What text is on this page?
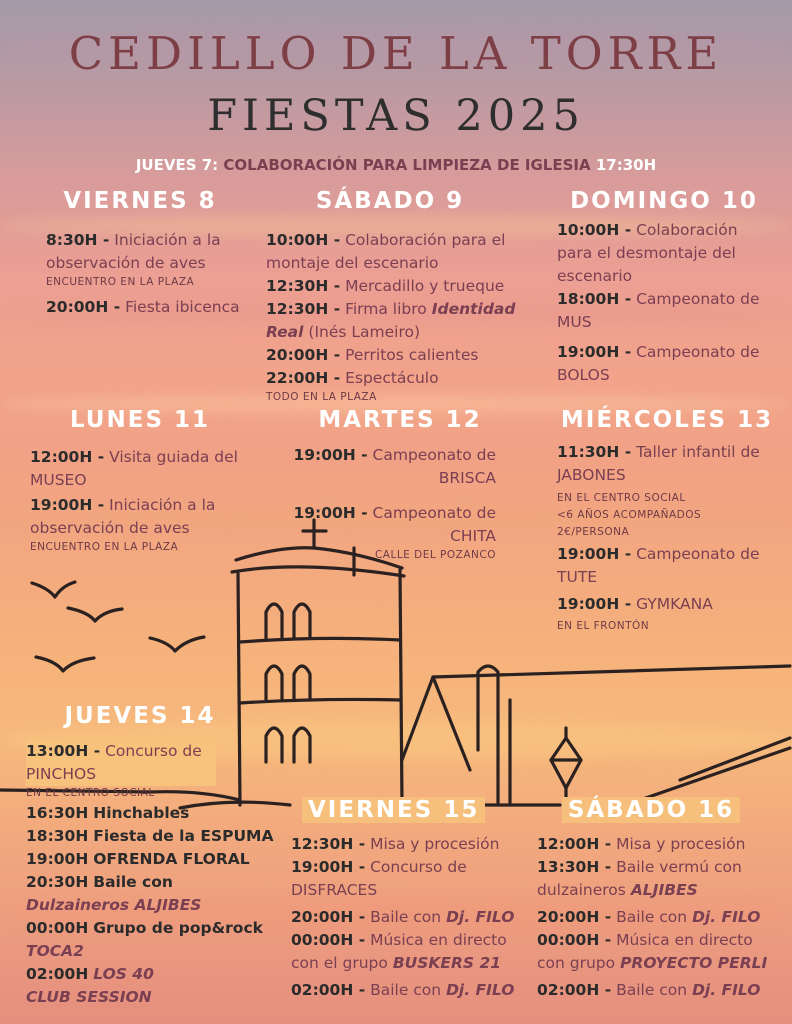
CEDILLO DE LA TORRE
FIESTAS 2025
JUEVES 7: COLABORACIÓN PARA LIMPIEZA DE IGLESIA 17:30H
VIERNES 8
8:30H - Iniciación a la observación de aves
ENCUENTRO EN LA PLAZA
20:00H - Fiesta ibicenca
SÁBADO 9
10:00H - Colaboración para el montaje del escenario
12:30H - Mercadillo y trueque
12:30H - Firma libro Identidad Real (Inés Lameiro)
20:00H - Perritos calientes
22:00H - Espectáculo
TODO EN LA PLAZA
DOMINGO 10
10:00H - Colaboración para el desmontaje del escenario
18:00H - Campeonato de MUS
19:00H - Campeonato de BOLOS
LUNES 11
12:00H - Visita guiada del MUSEO
19:00H - Iniciación a la observación de aves
ENCUENTRO EN LA PLAZA
MARTES 12
19:00H - Campeonato de BRISCA
19:00H - Campeonato de CHITA
CALLE DEL POZANCO
MIÉRCOLES 13
11:30H - Taller infantil de JABONES
EN EL CENTRO SOCIAL
<6 AÑOS ACOMPAÑADOS
2€/PERSONA
19:00H - Campeonato de TUTE
19:00H - GYMKANA
EN EL FRONTÓN
JUEVES 14
13:00H - Concurso de PINCHOS
EN EL CENTRO SOCIAL
16:30H Hinchables
18:30H Fiesta de la ESPUMA
19:00H OFRENDA FLORAL
20:30H Baile con
Dulzaineros ALJIBES
00:00H Grupo de pop&rock
TOCA2
02:00H LOS 40 CLUB SESSION
VIERNES 15
12:30H - Misa y procesión
19:00H - Concurso de DISFRACES
20:00H - Baile con Dj. FILO
00:00H - Música en directo con el grupo BUSKERS 21
02:00H - Baile con Dj. FILO
SÁBADO 16
12:00H - Misa y procesión
13:30H - Baile vermú con dulzaineros ALJIBES
20:00H - Baile con Dj. FILO
00:00H - Música en directo con grupo PROYECTO PERLI
02:00H - Baile con Dj. FILO
